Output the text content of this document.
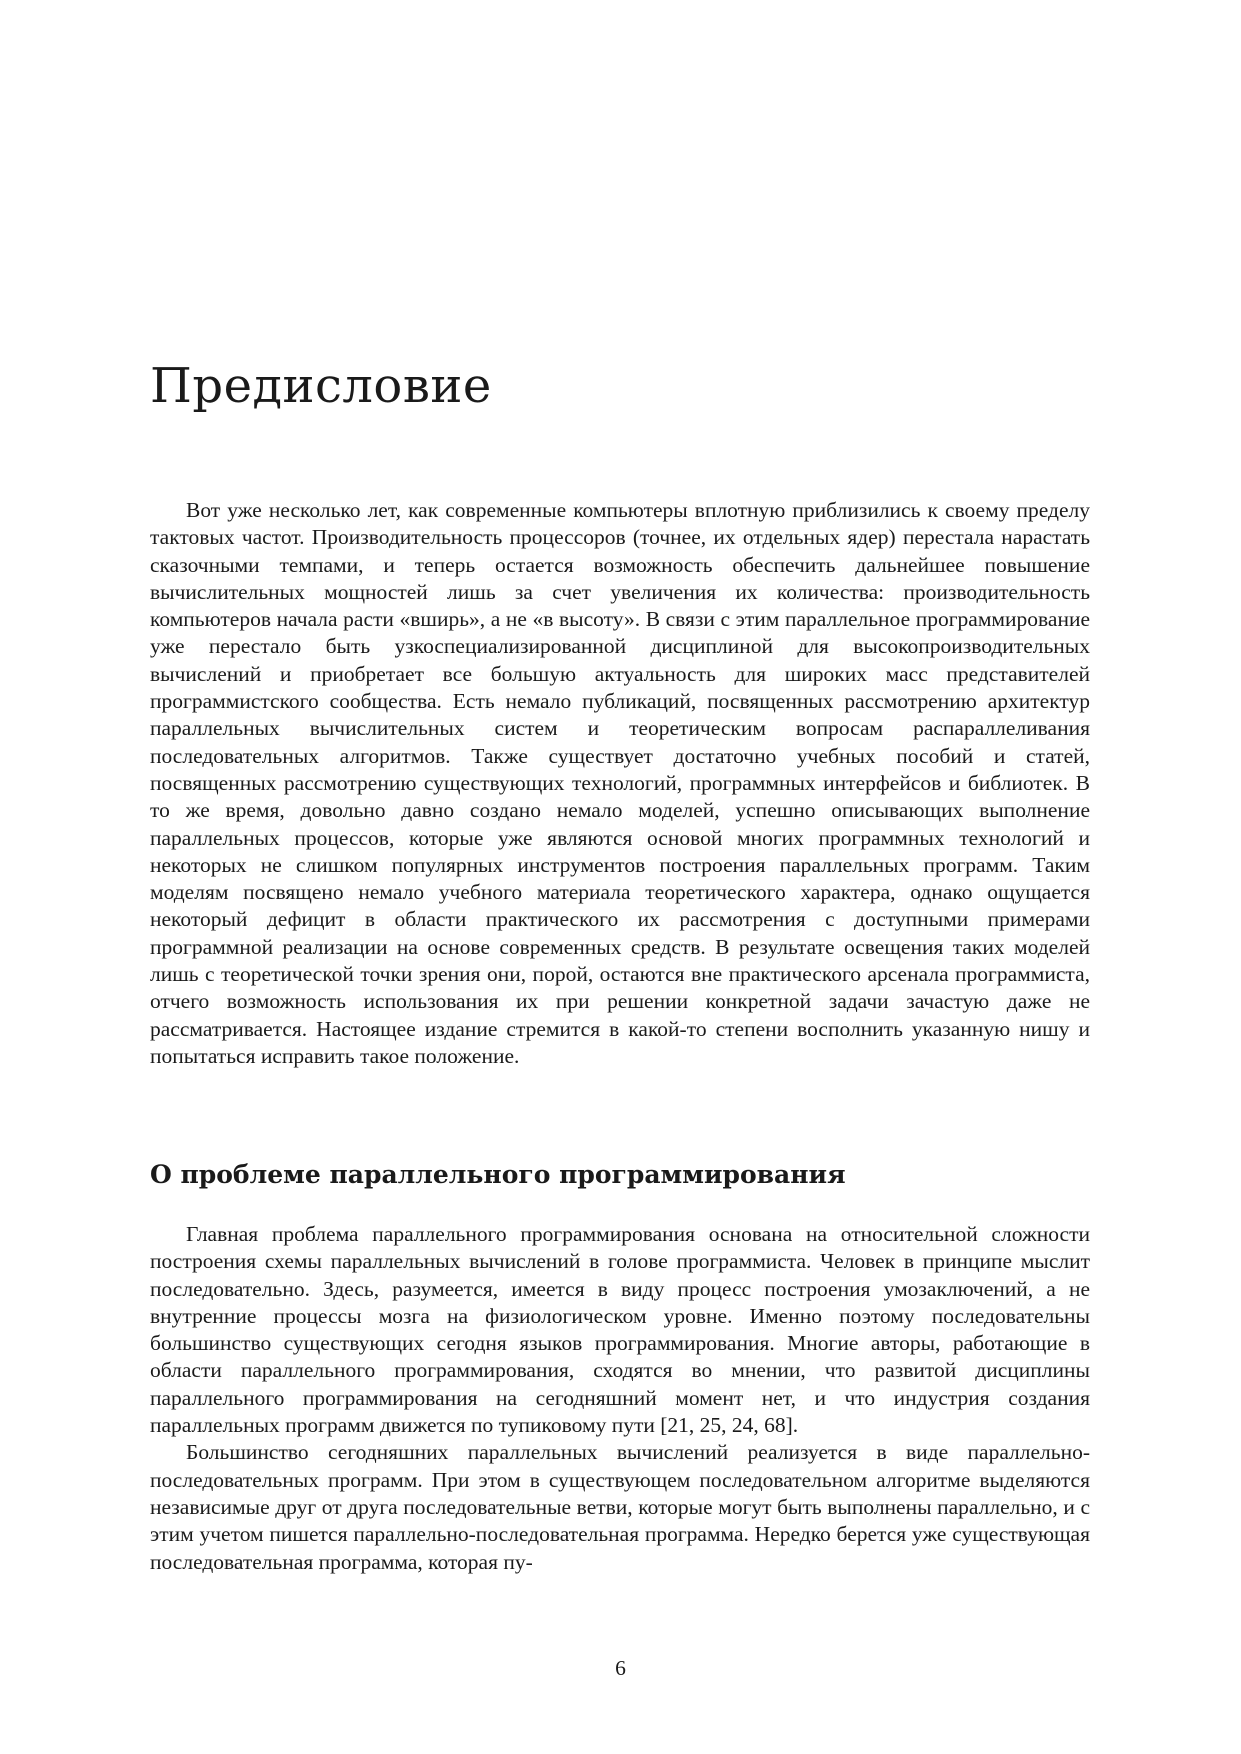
Предисловие

Вот уже несколько лет, как современные компьютеры вплотную приблизились к своему пределу тактовых частот. Производительность процессоров (точнее, их отдельных ядер) перестала нарастать сказочными темпами, и теперь остается возможность обеспечить дальнейшее повышение вычислительных мощностей лишь за счет увеличения их количества: производительность компьютеров начала расти «вширь», а не «в высоту». В связи с этим параллельное программирование уже перестало быть узкоспециализированной дисциплиной для высокопроизводительных вычислений и приобретает все большую актуальность для широких масс представителей программистского сообщества. Есть немало публикаций, посвященных рассмотрению архитектур параллельных вычислительных систем и теоретическим вопросам распараллеливания последовательных алгоритмов. Также существует достаточно учебных пособий и статей, посвященных рассмотрению существующих технологий, программных интерфейсов и библиотек. В то же время, довольно давно создано немало моделей, успешно описывающих выполнение параллельных процессов, которые уже являются основой многих программных технологий и некоторых не слишком популярных инструментов построения параллельных программ. Таким моделям посвящено немало учебного материала теоретического характера, однако ощущается некоторый дефицит в области практического их рассмотрения с доступными примерами программной реализации на основе современных средств. В результате освещения таких моделей лишь с теоретической точки зрения они, порой, остаются вне практического арсенала программиста, отчего возможность использования их при решении конкретной задачи зачастую даже не рассматривается. Настоящее издание стремится в какой-то степени восполнить указанную нишу и попытаться исправить такое положение.

О проблеме параллельного программирования

Главная проблема параллельного программирования основана на относительной сложности построения схемы параллельных вычислений в голове программиста. Человек в принципе мыслит последовательно. Здесь, разумеется, имеется в виду процесс построения умозаключений, а не внутренние процессы мозга на физиологическом уровне. Именно поэтому последовательны большинство существующих сегодня языков программирования. Многие авторы, работающие в области параллельного программирования, сходятся во мнении, что развитой дисциплины параллельного программирования на сегодняшний момент нет, и что индустрия создания параллельных программ движется по тупиковому пути [21, 25, 24, 68].

Большинство сегодняшних параллельных вычислений реализуется в виде параллельно-последовательных программ. При этом в существующем последовательном алгоритме выделяются независимые друг от друга последовательные ветви, которые могут быть выполнены параллельно, и с этим учетом пишется параллельно-последовательная программа. Нередко берется уже существующая последовательная программа, которая пу-

6
